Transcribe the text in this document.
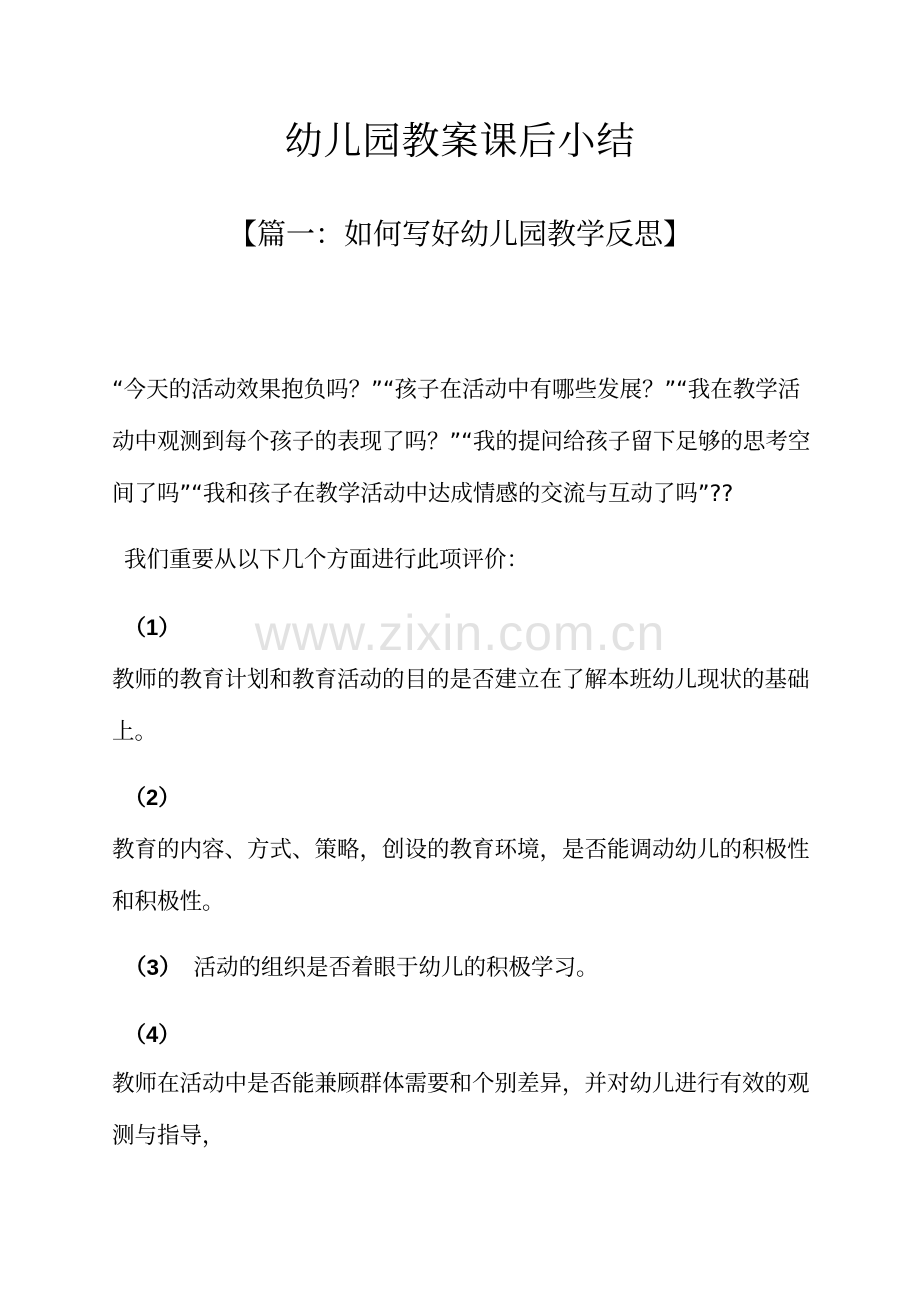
幼儿园教案课后小结
【篇一：如何写好幼儿园教学反思】

“今天的活动效果抱负吗？”“孩子在活动中有哪些发展？”“我在教学活动中观测到每个孩子的表现了吗？”“我的提问给孩子留下足够的思考空间了吗”“我和孩子在教学活动中达成情感的交流与互动了吗”??

我们重要从以下几个方面进行此项评价：

（1）

教师的教育计划和教育活动的目的是否建立在了解本班幼儿现状的基础上。

（2）

教育的内容、方式、策略，创设的教育环境，是否能调动幼儿的积极性和积极性。

（3） 活动的组织是否着眼于幼儿的积极学习。
（4）

教师在活动中是否能兼顾群体需要和个别差异，并对幼儿进行有效的观测与指导，

www.zixin.com.cn
